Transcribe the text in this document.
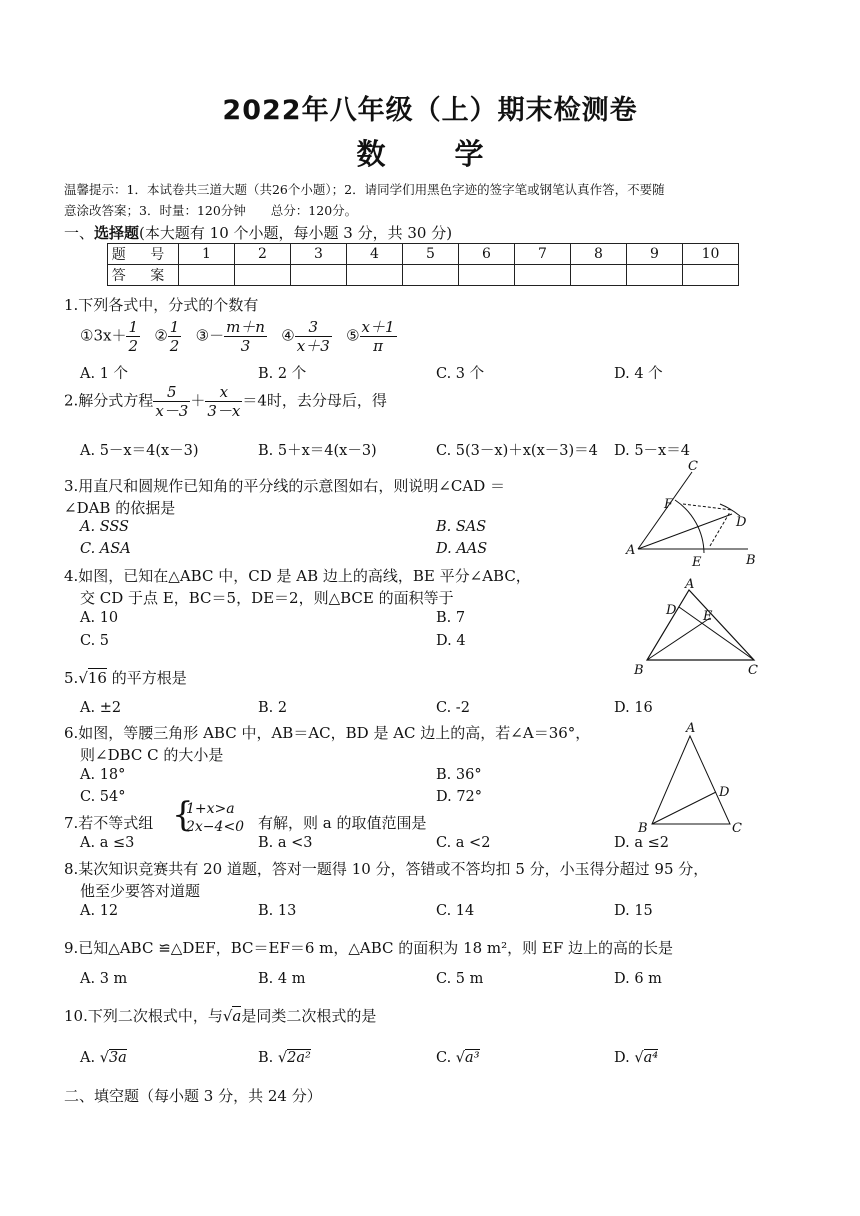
2022年八年级（上）期末检测卷
数　学
温馨提示：1．本试卷共三道大题（共26个小题）；2．请同学们用黑色字迹的签字笔或钢笔认真作答，不要随
意涂改答案；3．时量：120分钟　　总分：120分。
一、选择题(本大题有 10 个小题，每小题 3 分，共 30 分)
题 号	1	2	3	4	5	6	7	8	9	10
答 案										
1.下列各式中，分式的个数有
①3x＋ $\frac{1}{2}$ ② $\frac{1}{2}$ ③－ $\frac{m+n}{3}$ ④ $\frac{3}{x+3}$ ⑤ $\frac{x+1}{\pi}$
A. 1 个	B. 2 个	C. 3 个	D. 4 个
2.解分式方程 $\frac{5}{x-3} + \frac{x}{3-x} =4$时，去分母后，得
A. 5－x＝4(x－3)	B. 5＋x＝4(x－3)	C. 5(3－x)＋x(x－3)＝4 D. 5－x＝4
3.用直尺和圆规作已知角的平分线的示意图如右，则说明∠CAD ＝
∠DAB 的依据是
A. SSS	B. SAS
C. ASA	D. AAS
C
F
D
A
E	B
4.如图，已知在△ABC 中，CD 是 AB 边上的高线，BE 平分∠ABC，
交 CD 于点 E，BC＝5，DE＝2，则△BCE 的面积等于
A. 10	B. 7
C. 5	D. 4
A
D E
B	C
5.√16 的平方根是
A. ±2	B. 2	C. -2	D. 16
6.如图，等腰三角形 ABC 中，AB＝AC，BD 是 AC 边上的高，若∠A＝36°，
则∠DBC C 的大小是
A. 18°	B. 36°
C. 54°	D. 72°
A
D
B	C
7.若不等式组 {
1+x>a
2x−4<0 有解，则 a 的取值范围是
A. a ≤3	B. a <3	C. a <2	D. a ≤2
8.某次知识竞赛共有 20 道题，答对一题得 10 分，答错或不答均扣 5 分，小玉得分超过 95 分，
他至少要答对道题
A. 12	B. 13	C. 14	D. 15
9.已知△ABC ≌△DEF，BC＝EF＝6 m，△ABC 的面积为 18 m²，则 EF 边上的高的长是
A. 3 m	B. 4 m	C. 5 m	D. 6 m
10.下列二次根式中，与√a是同类二次根式的是
A. √3a	B. √2a²	C. √a³	D. √a⁴
二、填空题（每小题 3 分，共 24 分）
